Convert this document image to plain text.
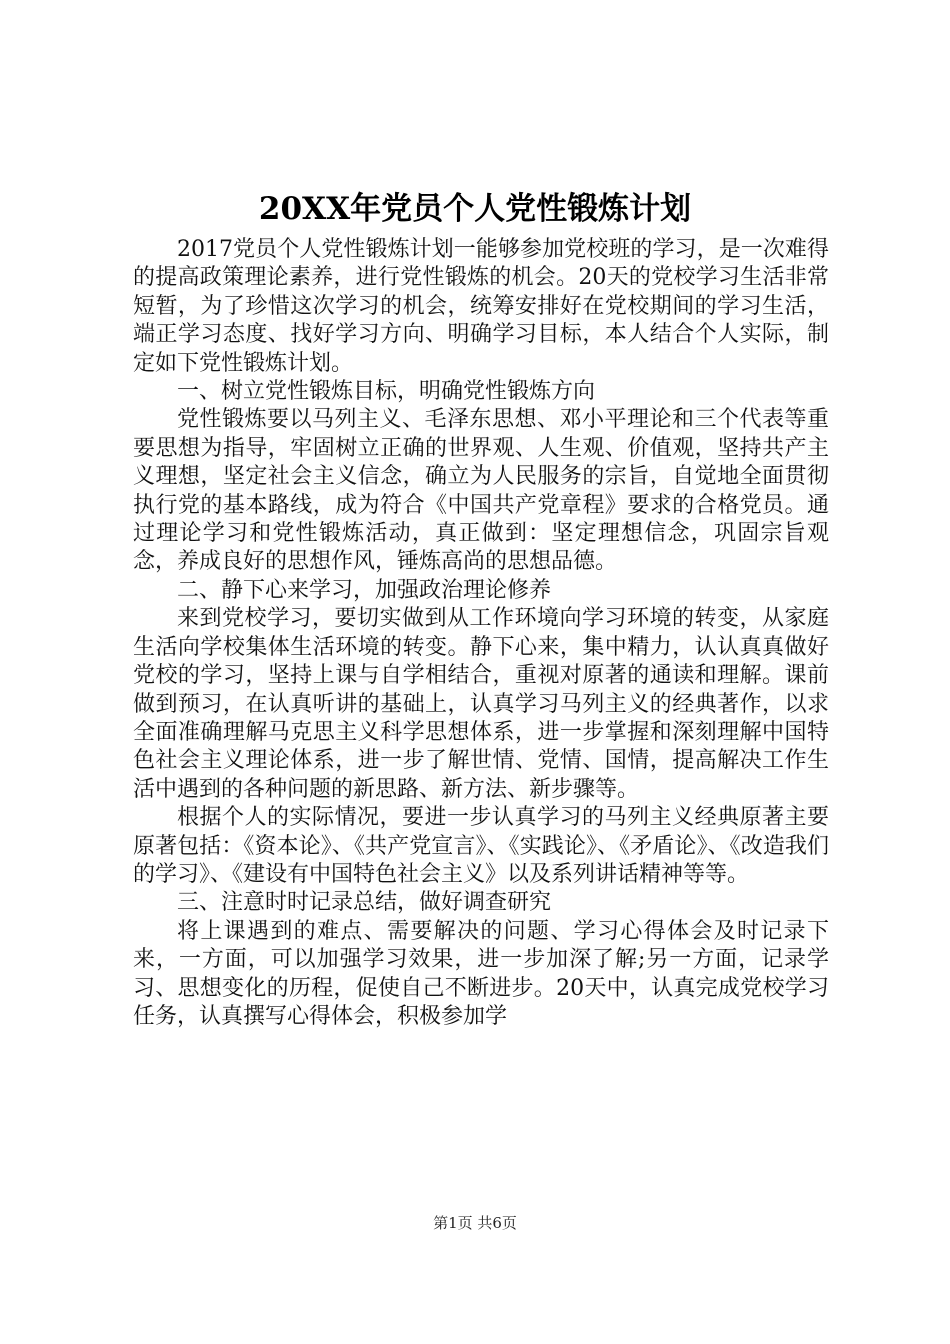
20XX年党员个人党性锻炼计划

2017党员个人党性锻炼计划一能够参加党校班的学习，是一次难得的提高政策理论素养，进行党性锻炼的机会。20天的党校学习生活非常短暂，为了珍惜这次学习的机会，统筹安排好在党校期间的学习生活，端正学习态度、找好学习方向、明确学习目标，本人结合个人实际，制定如下党性锻炼计划。

一、树立党性锻炼目标，明确党性锻炼方向

党性锻炼要以马列主义、毛泽东思想、邓小平理论和三个代表等重要思想为指导，牢固树立正确的世界观、人生观、价值观，坚持共产主义理想，坚定社会主义信念，确立为人民服务的宗旨，自觉地全面贯彻执行党的基本路线，成为符合《中国共产党章程》要求的合格党员。通过理论学习和党性锻炼活动，真正做到：坚定理想信念，巩固宗旨观念，养成良好的思想作风，锤炼高尚的思想品德。

二、静下心来学习，加强政治理论修养

来到党校学习，要切实做到从工作环境向学习环境的转变，从家庭生活向学校集体生活环境的转变。静下心来，集中精力，认认真真做好党校的学习，坚持上课与自学相结合，重视对原著的通读和理解。课前做到预习，在认真听讲的基础上，认真学习马列主义的经典著作，以求全面准确理解马克思主义科学思想体系，进一步掌握和深刻理解中国特色社会主义理论体系，进一步了解世情、党情、国情，提高解决工作生活中遇到的各种问题的新思路、新方法、新步骤等。

根据个人的实际情况，要进一步认真学习的马列主义经典原著主要原著包括：《资本论》、《共产党宣言》、《实践论》、《矛盾论》、《改造我们的学习》、《建设有中国特色社会主义》以及系列讲话精神等等。

三、注意时时记录总结，做好调查研究

将上课遇到的难点、需要解决的问题、学习心得体会及时记录下来，一方面，可以加强学习效果，进一步加深了解;另一方面，记录学习、思想变化的历程，促使自己不断进步。20天中，认真完成党校学习任务，认真撰写心得体会，积极参加学

第1页 共6页
